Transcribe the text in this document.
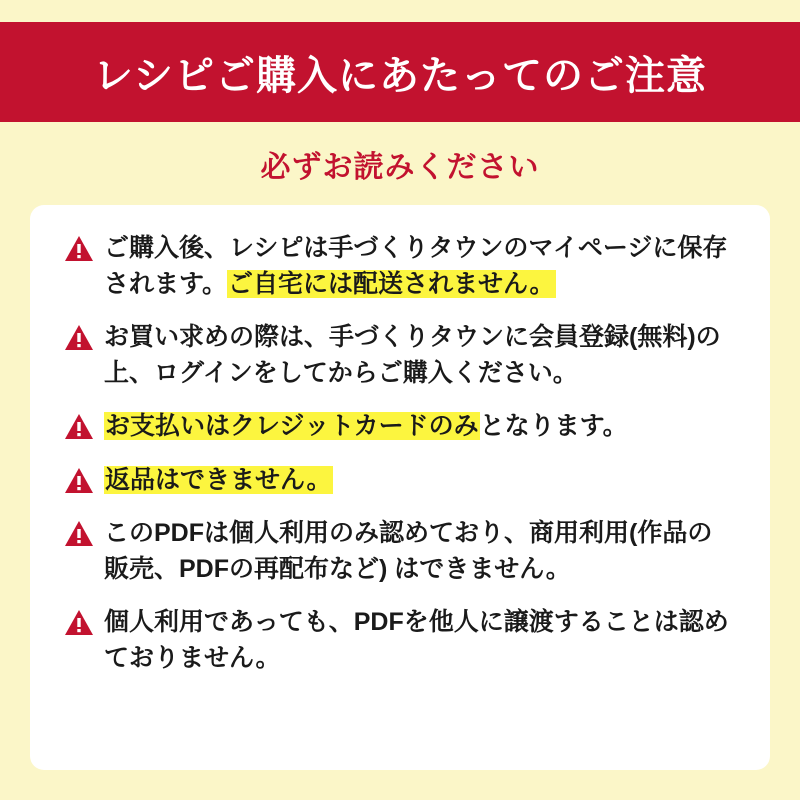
レシピご購入にあたってのご注意
必ずお読みください
ご購入後、レシピは手づくりタウンのマイページに保存されます。ご自宅には配送されません。
お買い求めの際は、手づくりタウンに会員登録(無料)の上、ログインをしてからご購入ください。
お支払いはクレジットカードのみとなります。
返品はできません。
このPDFは個人利用のみ認めており、商用利用(作品の販売、PDFの再配布など) はできません。
個人利用であっても、PDFを他人に譲渡することは認めておりません。
